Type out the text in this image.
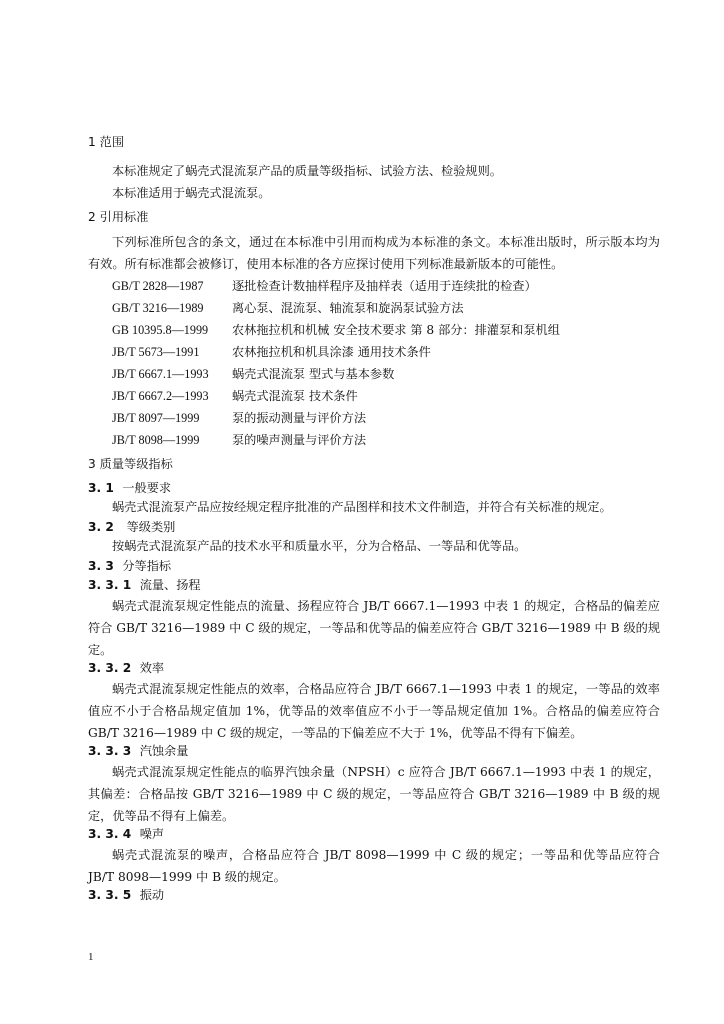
1 范围

本标准规定了蜗壳式混流泵产品的质量等级指标、试验方法、检验规则。

本标准适用于蜗壳式混流泵。

2 引用标准

下列标准所包含的条文，通过在本标准中引用而构成为本标准的条文。本标准出版时，所示版本均为有效。所有标准都会被修订，使用本标准的各方应探讨使用下列标准最新版本的可能性。

GB/T 2828—1987	逐批检查计数抽样程序及抽样表（适用于连续批的检查）
GB/T 3216—1989	离心泵、混流泵、轴流泵和旋涡泵试验方法
GB 10395.8—1999	农林拖拉机和机械 安全技术要求 第 8 部分：排灌泵和泵机组
JB/T 5673—1991	农林拖拉机和机具涂漆 通用技术条件
JB/T 6667.1—1993	蜗壳式混流泵 型式与基本参数
JB/T 6667.2—1993	蜗壳式混流泵 技术条件
JB/T 8097—1999	泵的振动测量与评价方法
JB/T 8098—1999	泵的噪声测量与评价方法
3 质量等级指标
3. 1 一般要求

蜗壳式混流泵产品应按经规定程序批准的产品图样和技术文件制造，并符合有关标准的规定。

3. 2 等级类别

按蜗壳式混流泵产品的技术水平和质量水平，分为合格品、一等品和优等品。

3. 3 分等指标
3. 3. 1 流量、扬程

蜗壳式混流泵规定性能点的流量、扬程应符合 JB/T 6667.1—1993 中表 1 的规定，合格品的偏差应符合 GB/T 3216—1989 中 C 级的规定，一等品和优等品的偏差应符合 GB/T 3216—1989 中 B 级的规定。

3. 3. 2 效率

蜗壳式混流泵规定性能点的效率，合格品应符合 JB/T 6667.1—1993 中表 1 的规定，一等品的效率值应不小于合格品规定值加 1%，优等品的效率值应不小于一等品规定值加 1%。合格品的偏差应符合 GB/T 3216—1989 中 C 级的规定，一等品的下偏差应不大于 1%，优等品不得有下偏差。

3. 3. 3 汽蚀余量

蜗壳式混流泵规定性能点的临界汽蚀余量（NPSH）c 应符合 JB/T 6667.1—1993 中表 1 的规定，其偏差：合格品按 GB/T 3216—1989 中 C 级的规定，一等品应符合 GB/T 3216—1989 中 B 级的规定，优等品不得有上偏差。

3. 3. 4 噪声

蜗壳式混流泵的噪声，合格品应符合 JB/T 8098—1999 中 C 级的规定；一等品和优等品应符合 JB/T 8098—1999 中 B 级的规定。

3. 3. 5 振动
1
